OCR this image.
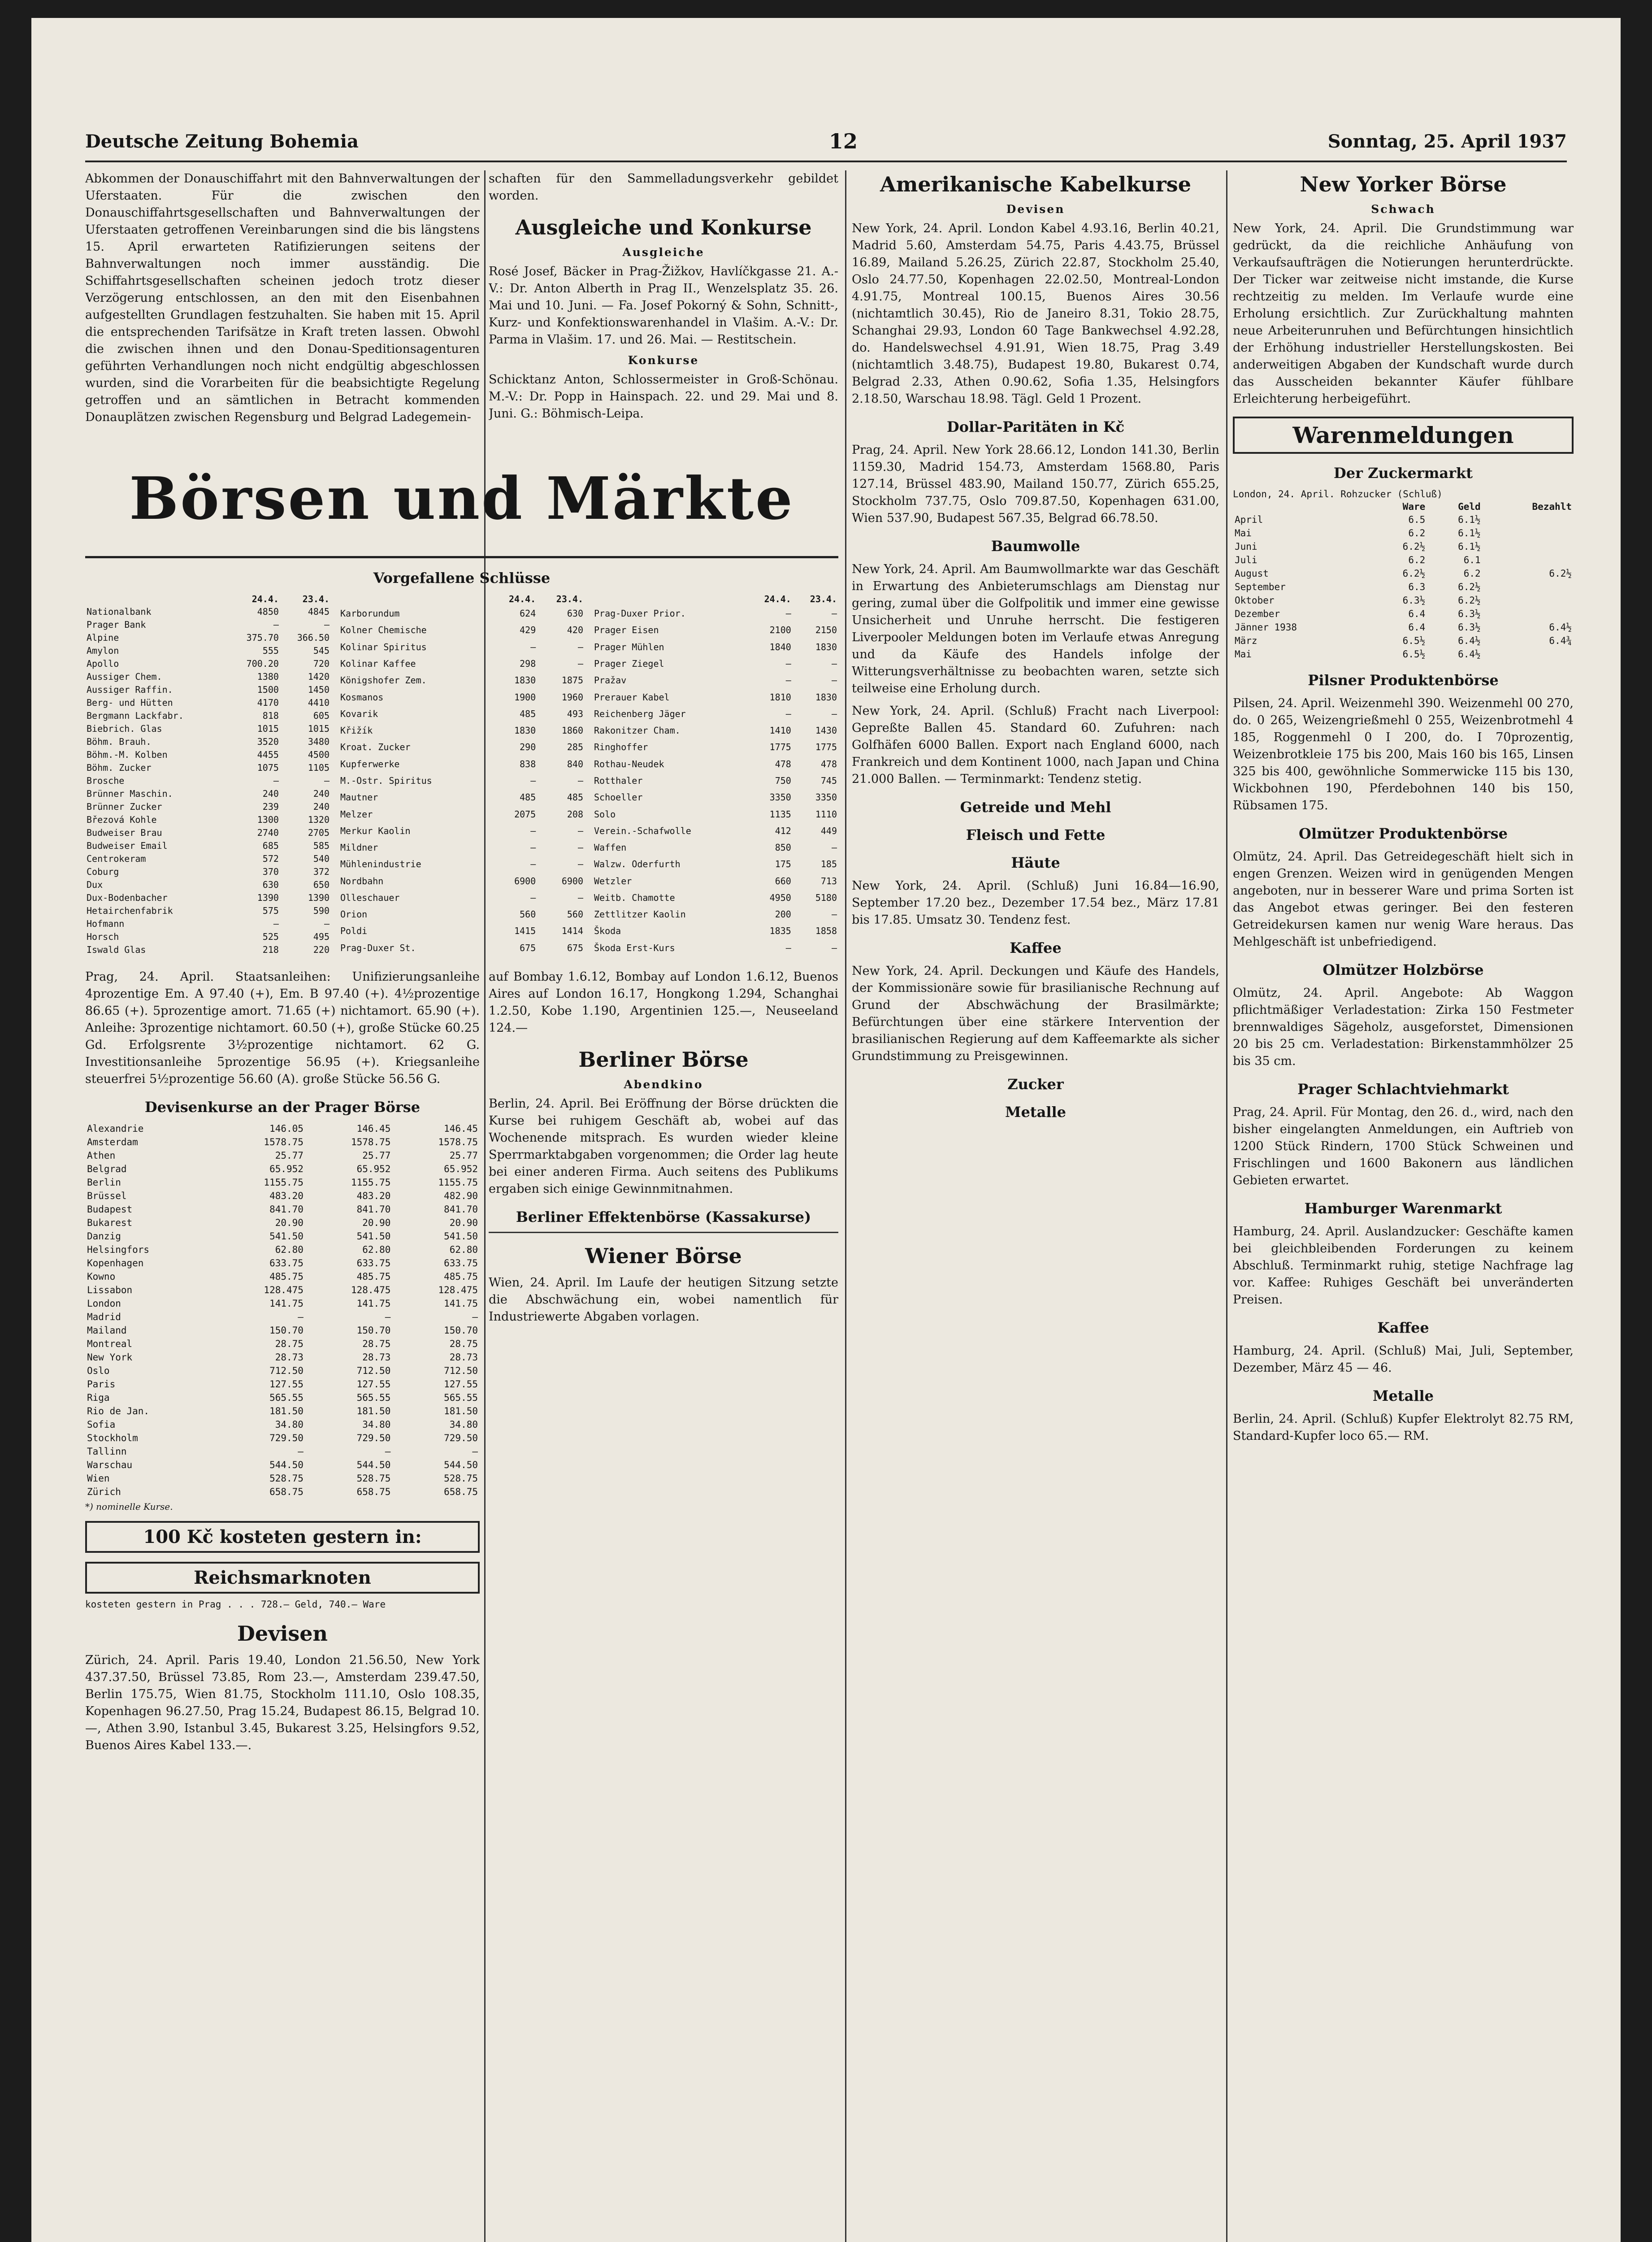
Deutsche Zeitung Bohemia	12	Sonntag, 25. April 1937

Abkommen der Donauschiffahrt mit den Bahnverwaltungen der Uferstaaten. Für die zwischen den Donauschiffahrtsgesellschaften und Bahnverwaltungen der Uferstaaten getroffenen Vereinbarungen sind die bis längstens 15. April erwarteten Ratifizierungen seitens der Bahnverwaltungen noch immer ausständig. Die Schiffahrtsgesellschaften scheinen jedoch trotz dieser Verzögerung entschlossen, an den mit den Eisenbahnen aufgestellten Grundlagen festzuhalten. Sie haben mit 15. April die entsprechenden Tarifsätze in Kraft treten lassen. Obwohl die zwischen ihnen und den Donau-Speditionsagenturen geführten Verhandlungen noch nicht endgültig abgeschlossen wurden, sind die Vorarbeiten für die beabsichtigte Regelung getroffen und an sämtlichen in Betracht kommenden Donauplätzen zwischen Regensburg und Belgrad Ladegemein-

schaften für den Sammelladungsverkehr gebildet worden.

Ausgleiche und Konkurse
Ausgleiche

Rosé Josef, Bäcker in Prag-Žižkov, Havlíčkgasse 21. A.-V.: Dr. Anton Alberth in Prag II., Wenzelsplatz 35. 26. Mai und 10. Juni. — Fa. Josef Pokorný & Sohn, Schnitt-, Kurz- und Konfektionswarenhandel in Vlašim. A.-V.: Dr. Parma in Vlašim. 17. und 26. Mai. — Restitschein.

Konkurse

Schicktanz Anton, Schlossermeister in Groß-Schönau. M.-V.: Dr. Popp in Hainspach. 22. und 29. Mai und 8. Juni. G.: Böhmisch-Leipa.

Börsen und Märkte
Vorgefallene Schlüsse
	24.4.	23.4.
Nationalbank	4850	4845
Prager Bank	—	—
Alpine	375.70	366.50
Amylon	555	545
Apollo	700.20	720
Aussiger Chem.	1380	1420
Aussiger Raffin.	1500	1450
Berg- und Hütten	4170	4410
Bergmann Lackfabr.	818	605
Biebrich. Glas	1015	1015
Böhm. Brauh.	3520	3480
Böhm.-M. Kolben	4455	4500
Böhm. Zucker	1075	1105
Brosche	—	—
Brünner Maschin.	240	240
Brünner Zucker	239	240
Březová Kohle	1300	1320
Budweiser Brau	2740	2705
Budweiser Email	685	585
Centrokeram	572	540
Coburg	370	372
Dux	630	650
Dux-Bodenbacher	1390	1390
Hetairchenfabrik	575	590
Hofmann	—	—
Horsch	525	495
Iswald Glas	218	220
	24.4.	23.4.
Karborundum	624	630
Kolner Chemische	429	420
Kolinar Spiritus	—	—
Kolinar Kaffee	298	—
Königshofer Zem.	1830	1875
Kosmanos	1900	1960
Kovarik	485	493
Křižík	1830	1860
Kroat. Zucker	290	285
Kupferwerke	838	840
M.-Ostr. Spiritus	—	—
Mautner	485	485
Melzer	2075	208
Merkur Kaolin	—	—
Mildner	—	—
Mühlenindustrie	—	—
Nordbahn	6900	6900
Olleschauer	—	—
Orion	560	560
Poldi	1415	1414
Prag-Duxer St.	675	675
	24.4.	23.4.
Prag-Duxer Prior.	—	—
Prager Eisen	2100	2150
Prager Mühlen	1840	1830
Prager Ziegel	—	—
Pražav	—	—
Prerauer Kabel	1810	1830
Reichenberg Jäger	—	—
Rakonitzer Cham.	1410	1430
Ringhoffer	1775	1775
Rothau-Neudek	478	478
Rotthaler	750	745
Schoeller	3350	3350
Solo	1135	1110
Verein.-Schafwolle	412	449
Waffen	850	—
Walzw. Oderfurth	175	185
Wetzler	660	713
Weitb. Chamotte	4950	5180
Zettlitzer Kaolin	200	—
Škoda	1835	1858
Škoda Erst-Kurs	—	—

Prag, 24. April. Staatsanleihen: Unifizierungsanleihe 4prozentige Em. A 97.40 (+), Em. B 97.40 (+). 4½prozentige 86.65 (+). 5prozentige amort. 71.65 (+) nichtamort. 65.90 (+). Anleihe: 3prozentige nichtamort. 60.50 (+), große Stücke 60.25 Gd. Erfolgsrente 3½prozentige nichtamort. 62 G. Investitionsanleihe 5prozentige 56.95 (+). Kriegsanleihe steuerfrei 5½prozentige 56.60 (A). große Stücke 56.56 G.

Devisenkurse an der Prager Börse
Alexandrie	146.05	146.45	146.45
Amsterdam	1578.75	1578.75	1578.75
Athen	25.77	25.77	25.77
Belgrad	65.952	65.952	65.952
Berlin	1155.75	1155.75	1155.75
Brüssel	483.20	483.20	482.90
Budapest	841.70	841.70	841.70
Bukarest	20.90	20.90	20.90
Danzig	541.50	541.50	541.50
Helsingfors	62.80	62.80	62.80
Kopenhagen	633.75	633.75	633.75
Kowno	485.75	485.75	485.75
Lissabon	128.475	128.475	128.475
London	141.75	141.75	141.75
Madrid	—	—	—
Mailand	150.70	150.70	150.70
Montreal	28.75	28.75	28.75
New York	28.73	28.73	28.73
Oslo	712.50	712.50	712.50
Paris	127.55	127.55	127.55
Riga	565.55	565.55	565.55
Rio de Jan.	181.50	181.50	181.50
Sofia	34.80	34.80	34.80
Stockholm	729.50	729.50	729.50
Tallinn	—	—	—
Warschau	544.50	544.50	544.50
Wien	528.75	528.75	528.75
Zürich	658.75	658.75	658.75
*) nominelle Kurse.
100 Kč kosteten gestern in:
Reichsmarknoten
kosteten gestern in Prag . . . 728.— Geld, 740.— Ware
Devisen

Zürich, 24. April. Paris 19.40, London 21.56.50, New York 437.37.50, Brüssel 73.85, Rom 23.—, Amsterdam 239.47.50, Berlin 175.75, Wien 81.75, Stockholm 111.10, Oslo 108.35, Kopenhagen 96.27.50, Prag 15.24, Budapest 86.15, Belgrad 10.—, Athen 3.90, Istanbul 3.45, Bukarest 3.25, Helsingfors 9.52, Buenos Aires Kabel 133.—.

auf Bombay 1.6.12, Bombay auf London 1.6.12, Buenos Aires auf London 16.17, Hongkong 1.294, Schanghai 1.2.50, Kobe 1.190, Argentinien 125.—, Neuseeland 124.—

Berliner Börse
Abendkino

Berlin, 24. April. Bei Eröffnung der Börse drückten die Kurse bei ruhigem Geschäft ab, wobei auf das Wochenende mitsprach. Es wurden wieder kleine Sperrmarktabgaben vorgenommen; die Order lag heute bei einer anderen Firma. Auch seitens des Publikums ergaben sich einige Gewinnmitnahmen.

Berliner Effektenbörse (Kassakurse)
Wiener Börse

Wien, 24. April. Im Laufe der heutigen Sitzung setzte die Abschwächung ein, wobei namentlich für Industriewerte Abgaben vorlagen.

Amerikanische Kabelkurse
Devisen

New York, 24. April. London Kabel 4.93.16, Berlin 40.21, Madrid 5.60, Amsterdam 54.75, Paris 4.43.75, Brüssel 16.89, Mailand 5.26.25, Zürich 22.87, Stockholm 25.40, Oslo 24.77.50, Kopenhagen 22.02.50, Montreal-London 4.91.75, Montreal 100.15, Buenos Aires 30.56 (nichtamtlich 30.45), Rio de Janeiro 8.31, Tokio 28.75, Schanghai 29.93, London 60 Tage Bankwechsel 4.92.28, do. Handelswechsel 4.91.91, Wien 18.75, Prag 3.49 (nichtamtlich 3.48.75), Budapest 19.80, Bukarest 0.74, Belgrad 2.33, Athen 0.90.62, Sofia 1.35, Helsingfors 2.18.50, Warschau 18.98. Tägl. Geld 1 Prozent.

Dollar-Paritäten in Kč

Prag, 24. April. New York 28.66.12, London 141.30, Berlin 1159.30, Madrid 154.73, Amsterdam 1568.80, Paris 127.14, Brüssel 483.90, Mailand 150.77, Zürich 655.25, Stockholm 737.75, Oslo 709.87.50, Kopenhagen 631.00, Wien 537.90, Budapest 567.35, Belgrad 66.78.50.

Baumwolle

New York, 24. April. Am Baumwollmarkte war das Geschäft in Erwartung des Anbieterumschlags am Dienstag nur gering, zumal über die Golfpolitik und immer eine gewisse Unsicherheit und Unruhe herrscht. Die festigeren Liverpooler Meldungen boten im Verlaufe etwas Anregung und da Käufe des Handels infolge der Witterungsverhältnisse zu beobachten waren, setzte sich teilweise eine Erholung durch.

New York, 24. April. (Schluß) Fracht nach Liverpool: Gepreßte Ballen 45. Standard 60. Zufuhren: nach Golfhäfen 6000 Ballen. Export nach England 6000, nach Frankreich und dem Kontinent 1000, nach Japan und China 21.000 Ballen. — Terminmarkt: Tendenz stetig.

Getreide und Mehl
Fleisch und Fette
Häute

New York, 24. April. (Schluß) Juni 16.84—16.90, September 17.20 bez., Dezember 17.54 bez., März 17.81 bis 17.85. Umsatz 30. Tendenz fest.

Kaffee

New York, 24. April. Deckungen und Käufe des Handels, der Kommissionäre sowie für brasilianische Rechnung auf Grund der Abschwächung der Brasilmärkte; Befürchtungen über eine stärkere Intervention der brasilianischen Regierung auf dem Kaffeemarkte als sicher Grundstimmung zu Preisgewinnen.

Zucker
Metalle
New Yorker Börse
Schwach

New York, 24. April. Die Grundstimmung war gedrückt, da die reichliche Anhäufung von Verkaufsaufträgen die Notierungen herunterdrückte. Der Ticker war zeitweise nicht imstande, die Kurse rechtzeitig zu melden. Im Verlaufe wurde eine Erholung ersichtlich. Zur Zurückhaltung mahnten neue Arbeiterunruhen und Befürchtungen hinsichtlich der Erhöhung industrieller Herstellungskosten. Bei anderweitigen Abgaben der Kundschaft wurde durch das Ausscheiden bekannter Käufer fühlbare Erleichterung herbeigeführt.

Warenmeldungen
Der Zuckermarkt
London, 24. April. Rohzucker (Schluß)
	Ware	Geld	Bezahlt
April	6.5	6.1½	
Mai	6.2	6.1½	
Juni	6.2½	6.1½	
Juli	6.2	6.1	
August	6.2½	6.2	6.2½
September	6.3	6.2½	
Oktober	6.3½	6.2½	
Dezember	6.4	6.3½	
Jänner 1938	6.4	6.3½	6.4½
März	6.5½	6.4½	6.4¾
Mai	6.5½	6.4½	
Pilsner Produktenbörse

Pilsen, 24. April. Weizenmehl 390. Weizenmehl 00 270, do. 0 265, Weizengrießmehl 0 255, Weizenbrotmehl 4 185, Roggenmehl 0 I 200, do. I 70prozentig, Weizenbrotkleie 175 bis 200, Mais 160 bis 165, Linsen 325 bis 400, gewöhnliche Sommerwicke 115 bis 130, Wickbohnen 190, Pferdebohnen 140 bis 150, Rübsamen 175.

Olmützer Produktenbörse

Olmütz, 24. April. Das Getreidegeschäft hielt sich in engen Grenzen. Weizen wird in genügenden Mengen angeboten, nur in besserer Ware und prima Sorten ist das Angebot etwas geringer. Bei den festeren Getreidekursen kamen nur wenig Ware heraus. Das Mehlgeschäft ist unbefriedigend.

Olmützer Holzbörse

Olmütz, 24. April. Angebote: Ab Waggon pflichtmäßiger Verladestation: Zirka 150 Festmeter brennwaldiges Sägeholz, ausgeforstet, Dimensionen 20 bis 25 cm. Verladestation: Birkenstammhölzer 25 bis 35 cm.

Prager Schlachtviehmarkt

Prag, 24. April. Für Montag, den 26. d., wird, nach den bisher eingelangten Anmeldungen, ein Auftrieb von 1200 Stück Rindern, 1700 Stück Schweinen und Frischlingen und 1600 Bakonern aus ländlichen Gebieten erwartet.

Hamburger Warenmarkt

Hamburg, 24. April. Auslandzucker: Geschäfte kamen bei gleichbleibenden Forderungen zu keinem Abschluß. Terminmarkt ruhig, stetige Nachfrage lag vor. Kaffee: Ruhiges Geschäft bei unveränderten Preisen.

Kaffee

Hamburg, 24. April. (Schluß) Mai, Juli, September, Dezember, März 45 — 46.

Metalle

Berlin, 24. April. (Schluß) Kupfer Elektrolyt 82.75 RM, Standard-Kupfer loco 65.— RM.
